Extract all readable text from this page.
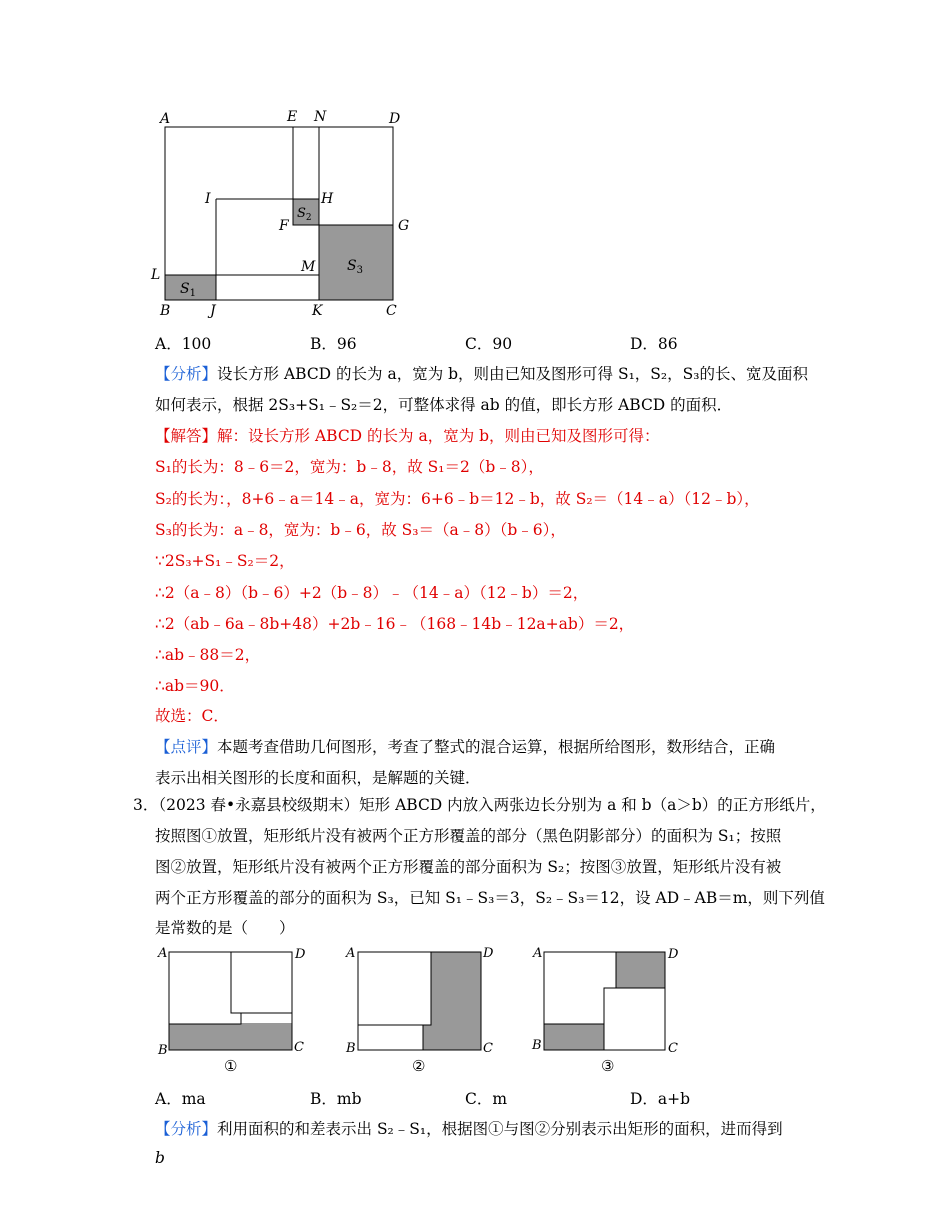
A	E N	D
I	H
F	G
L	M
B	J	K	C
$S_1$
$S_2$
$S_3$
A．100	B．96	C．90	D．86
【分析】设长方形 ABCD 的长为 a，宽为 b，则由已知及图形可得 S₁，S₂，S₃的长、宽及面积
如何表示，根据 2S₃+S₁﹣S₂＝2，可整体求得 ab 的值，即长方形 ABCD 的面积．
【解答】解：设长方形 ABCD 的长为 a，宽为 b，则由已知及图形可得：
S₁的长为：8﹣6＝2，宽为：b﹣8，故 S₁＝2（b﹣8），
S₂的长为：，8+6﹣a＝14﹣a，宽为：6+6﹣b＝12﹣b，故 S₂＝（14﹣a）（12﹣b），
S₃的长为：a﹣8，宽为：b﹣6，故 S₃＝（a﹣8）（b﹣6），
∵2S₃+S₁﹣S₂＝2，
∴2（a﹣8）（b﹣6）+2（b﹣8）﹣（14﹣a）（12﹣b）＝2，
∴2（ab﹣6a﹣8b+48）+2b﹣16﹣（168﹣14b﹣12a+ab）＝2，
∴ab﹣88＝2，
∴ab＝90．
故选：C．
【点评】本题考查借助几何图形，考查了整式的混合运算，根据所给图形，数形结合，正确
表示出相关图形的长度和面积，是解题的关键．
3．（2023 春•永嘉县校级期末）矩形 ABCD 内放入两张边长分别为 a 和 b（a＞b）的正方形纸片，
按照图①放置，矩形纸片没有被两个正方形覆盖的部分（黑色阴影部分）的面积为 S₁；按照
图②放置，矩形纸片没有被两个正方形覆盖的部分面积为 S₂；按图③放置，矩形纸片没有被
两个正方形覆盖的部分的面积为 S₃，已知 S₁﹣S₃＝3，S₂﹣S₃＝12，设 AD﹣AB＝m，则下列值
是常数的是（　　）
A	D
B	C
A	D
B	C
A	D
B	C
①	②	③
A．ma	B．mb	C．m	D．a+b
【分析】利用面积的和差表示出 S₂﹣S₁，根据图①与图②分别表示出矩形的面积，进而得到
b
